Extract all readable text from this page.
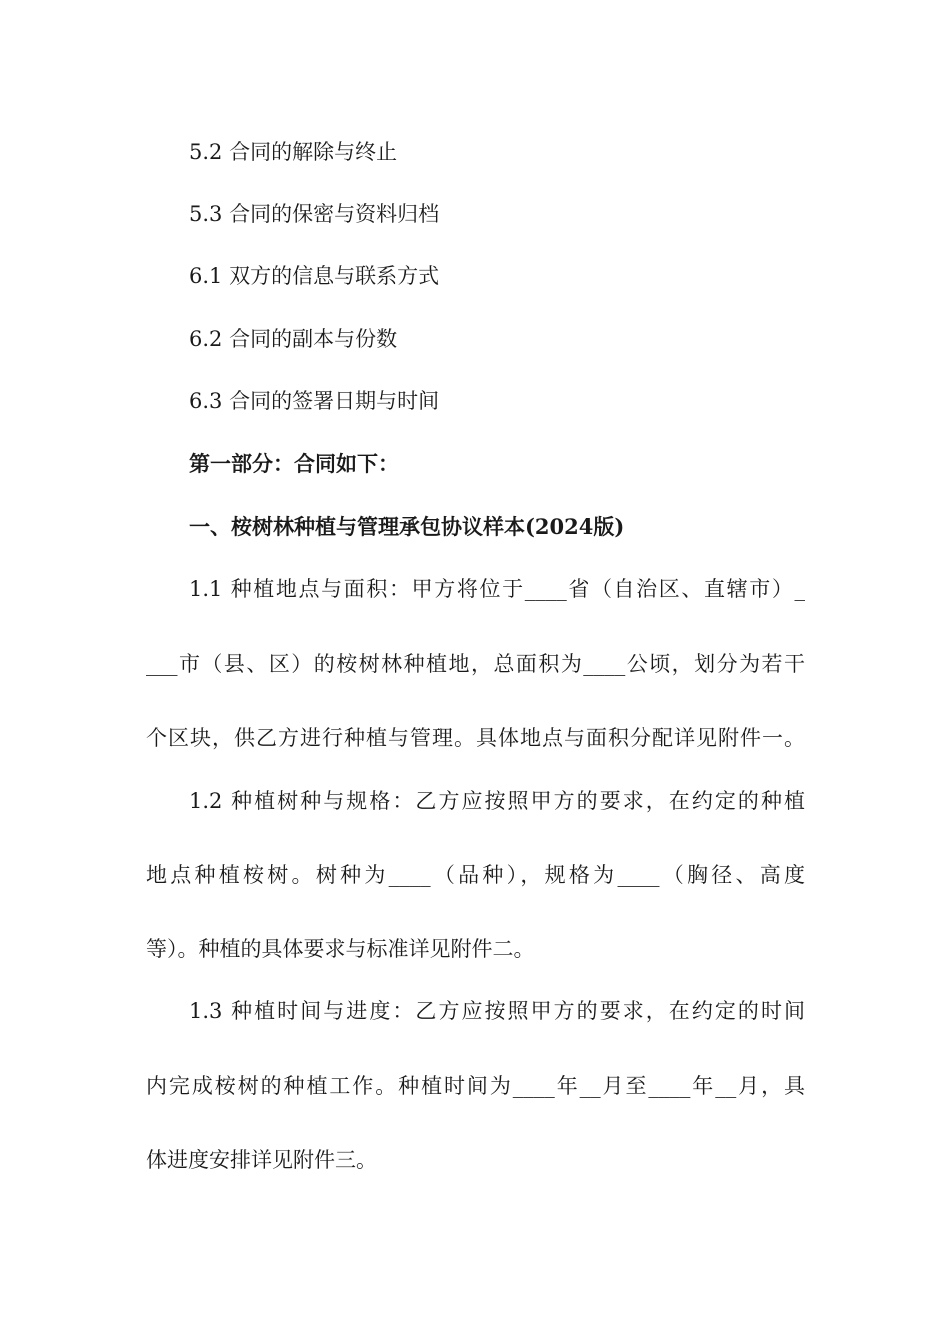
5.2 合同的解除与终止
5.3 合同的保密与资料归档
6.1 双方的信息与联系方式
6.2 合同的副本与份数
6.3 合同的签署日期与时间
第一部分：合同如下：
一、桉树林种植与管理承包协议样本(2024版)
1.1 种植地点与面积：甲方将位于____省（自治区、直辖市）_
___市（县、区）的桉树林种植地，总面积为____公顷，划分为若干
个区块，供乙方进行种植与管理。具体地点与面积分配详见附件一。
1.2 种植树种与规格：乙方应按照甲方的要求，在约定的种植
地点种植桉树。树种为____（品种），规格为____（胸径、高度
等）。种植的具体要求与标准详见附件二。
1.3 种植时间与进度：乙方应按照甲方的要求，在约定的时间
内完成桉树的种植工作。种植时间为____年__月至____年__月，具
体进度安排详见附件三。
